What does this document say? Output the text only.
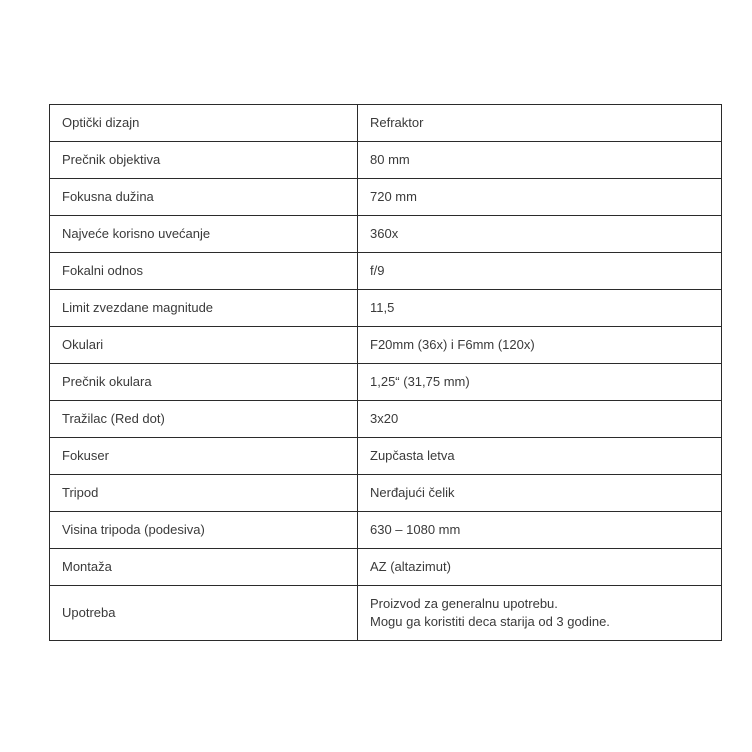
Optički dizajn	Refraktor
Prečnik objektiva	80 mm
Fokusna dužina	720 mm
Najveće korisno uvećanje	360x
Fokalni odnos	f/9
Limit zvezdane magnitude	11,5
Okulari	F20mm (36x) i F6mm (120x)
Prečnik okulara	1,25“ (31,75 mm)
Tražilac (Red dot)	3x20
Fokuser	Zupčasta letva
Tripod	Nerđajući čelik
Visina tripoda (podesiva)	630 – 1080 mm
Montaža	AZ (altazimut)
Upotreba	Proizvod za generalnu upotrebu.
Mogu ga koristiti deca starija od 3 godine.
